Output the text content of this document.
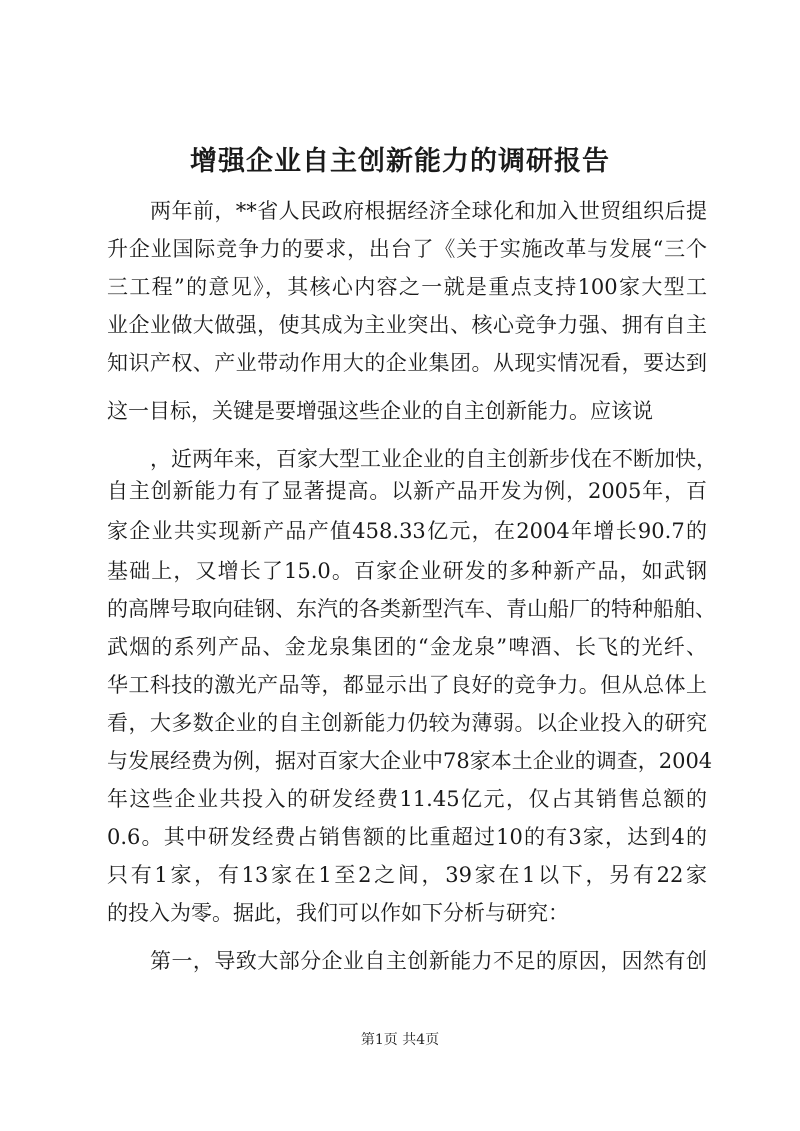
增强企业自主创新能力的调研报告
两年前，**省人民政府根据经济全球化和加入世贸组织后提
升企业国际竞争力的要求，出台了《关于实施改革与发展“三个
三工程”的意见》，其核心内容之一就是重点支持100家大型工
业企业做大做强，使其成为主业突出、核心竞争力强、拥有自主
知识产权、产业带动作用大的企业集团。从现实情况看，要达到
这一目标，关键是要增强这些企业的自主创新能力。应该说
，近两年来，百家大型工业企业的自主创新步伐在不断加快，
自主创新能力有了显著提高。以新产品开发为例，2005年，百
家企业共实现新产品产值458.33亿元，在2004年增长90.7的
基础上，又增长了15.0。百家企业研发的多种新产品，如武钢
的高牌号取向硅钢、东汽的各类新型汽车、青山船厂的特种船舶、
武烟的系列产品、金龙泉集团的“金龙泉”啤酒、长飞的光纤、
华工科技的激光产品等，都显示出了良好的竞争力。但从总体上
看，大多数企业的自主创新能力仍较为薄弱。以企业投入的研究
与发展经费为例，据对百家大企业中78家本土企业的调查，2004
年这些企业共投入的研发经费11.45亿元，仅占其销售总额的
0.6。其中研发经费占销售额的比重超过10的有3家，达到4的
只有1家，有13家在1至2之间，39家在1以下，另有22家
的投入为零。据此，我们可以作如下分析与研究：
第一，导致大部分企业自主创新能力不足的原因，因然有创
第1页 共4页
